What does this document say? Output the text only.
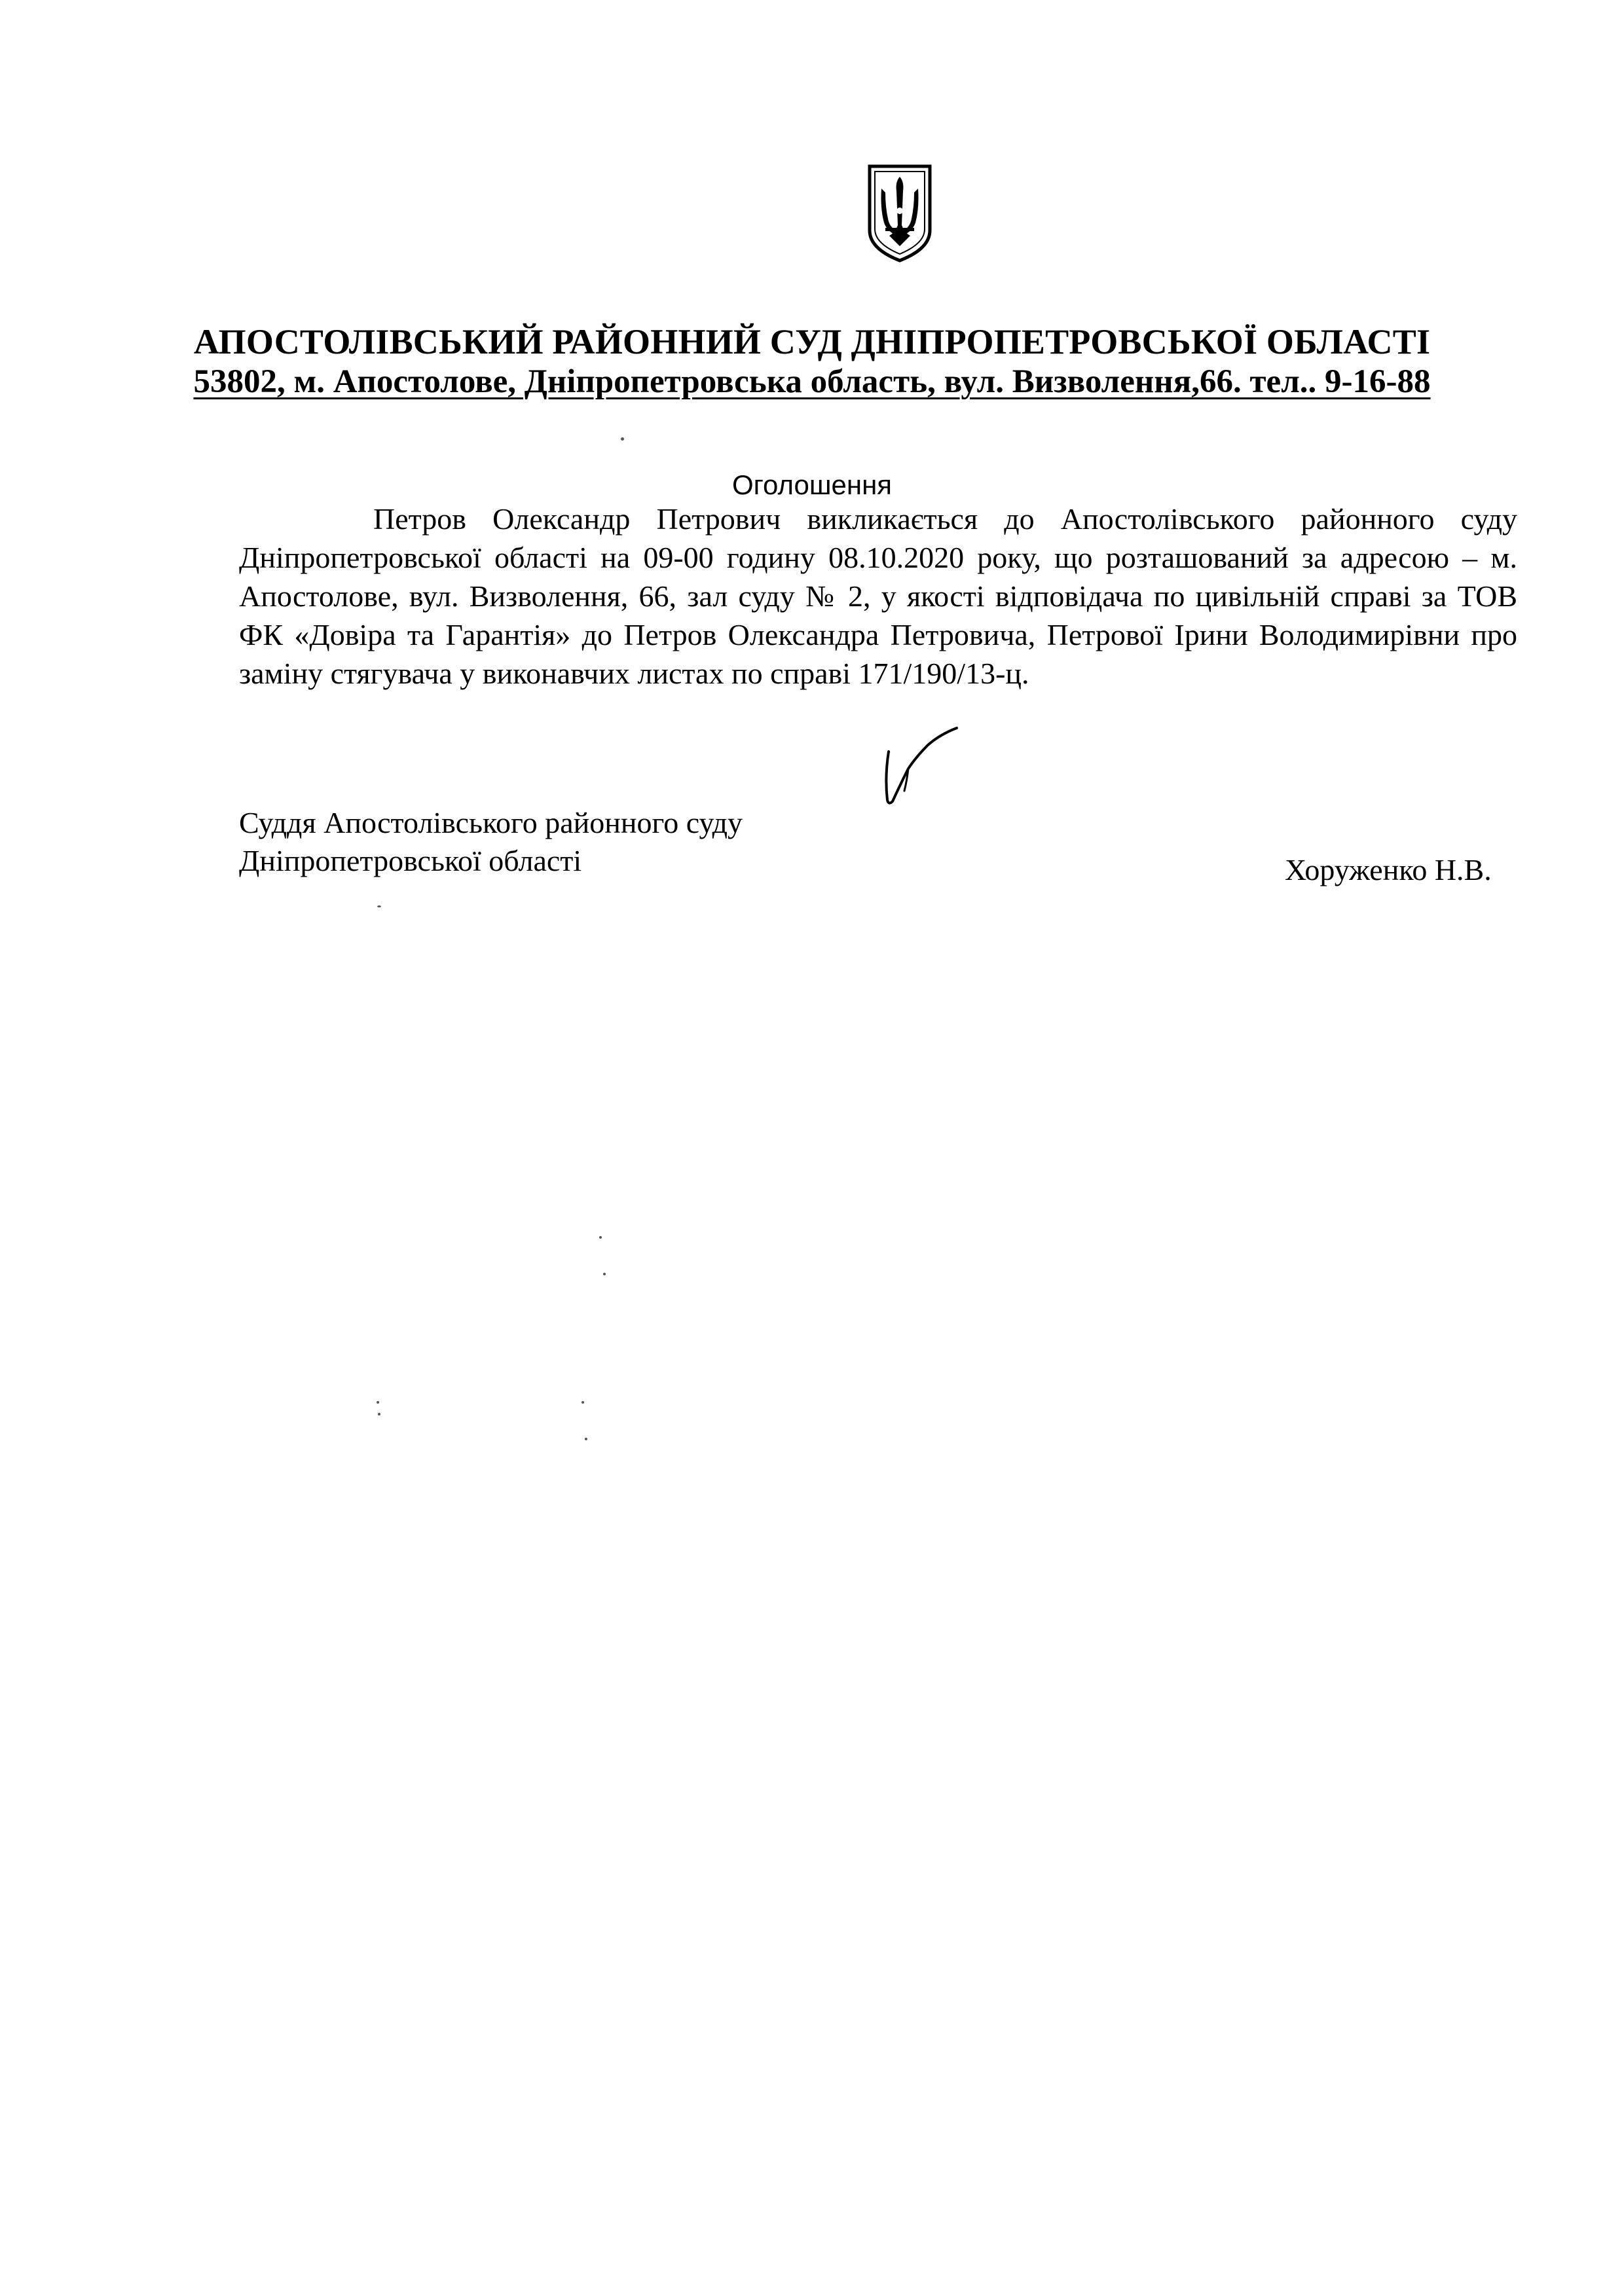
АПОСТОЛІВСЬКИЙ РАЙОННИЙ СУД ДНІПРОПЕТРОВСЬКОЇ ОБЛАСТІ
53802, м. Апостолове, Дніпропетровська область, вул. Визволення,66. тел.. 9-16-88
Оголошення

Петров Олександр Петрович викликається до Апостолівського районного суду Дніпропетровської області на 09-00 годину 08.10.2020 року, що розташований за адресою – м. Апостолове, вул. Визволення, 66, зал суду № 2, у якості відповідача по цивільній справі за ТОВ ФК «Довіра та Гарантія» до Петров Олександра Петровича, Петрової Ірини Володимирівни про заміну стягувача у виконавчих листах по справі 171/190/13-ц.

Суддя Апостолівського районного суду
Дніпропетровської області	Хоруженко Н.В.
